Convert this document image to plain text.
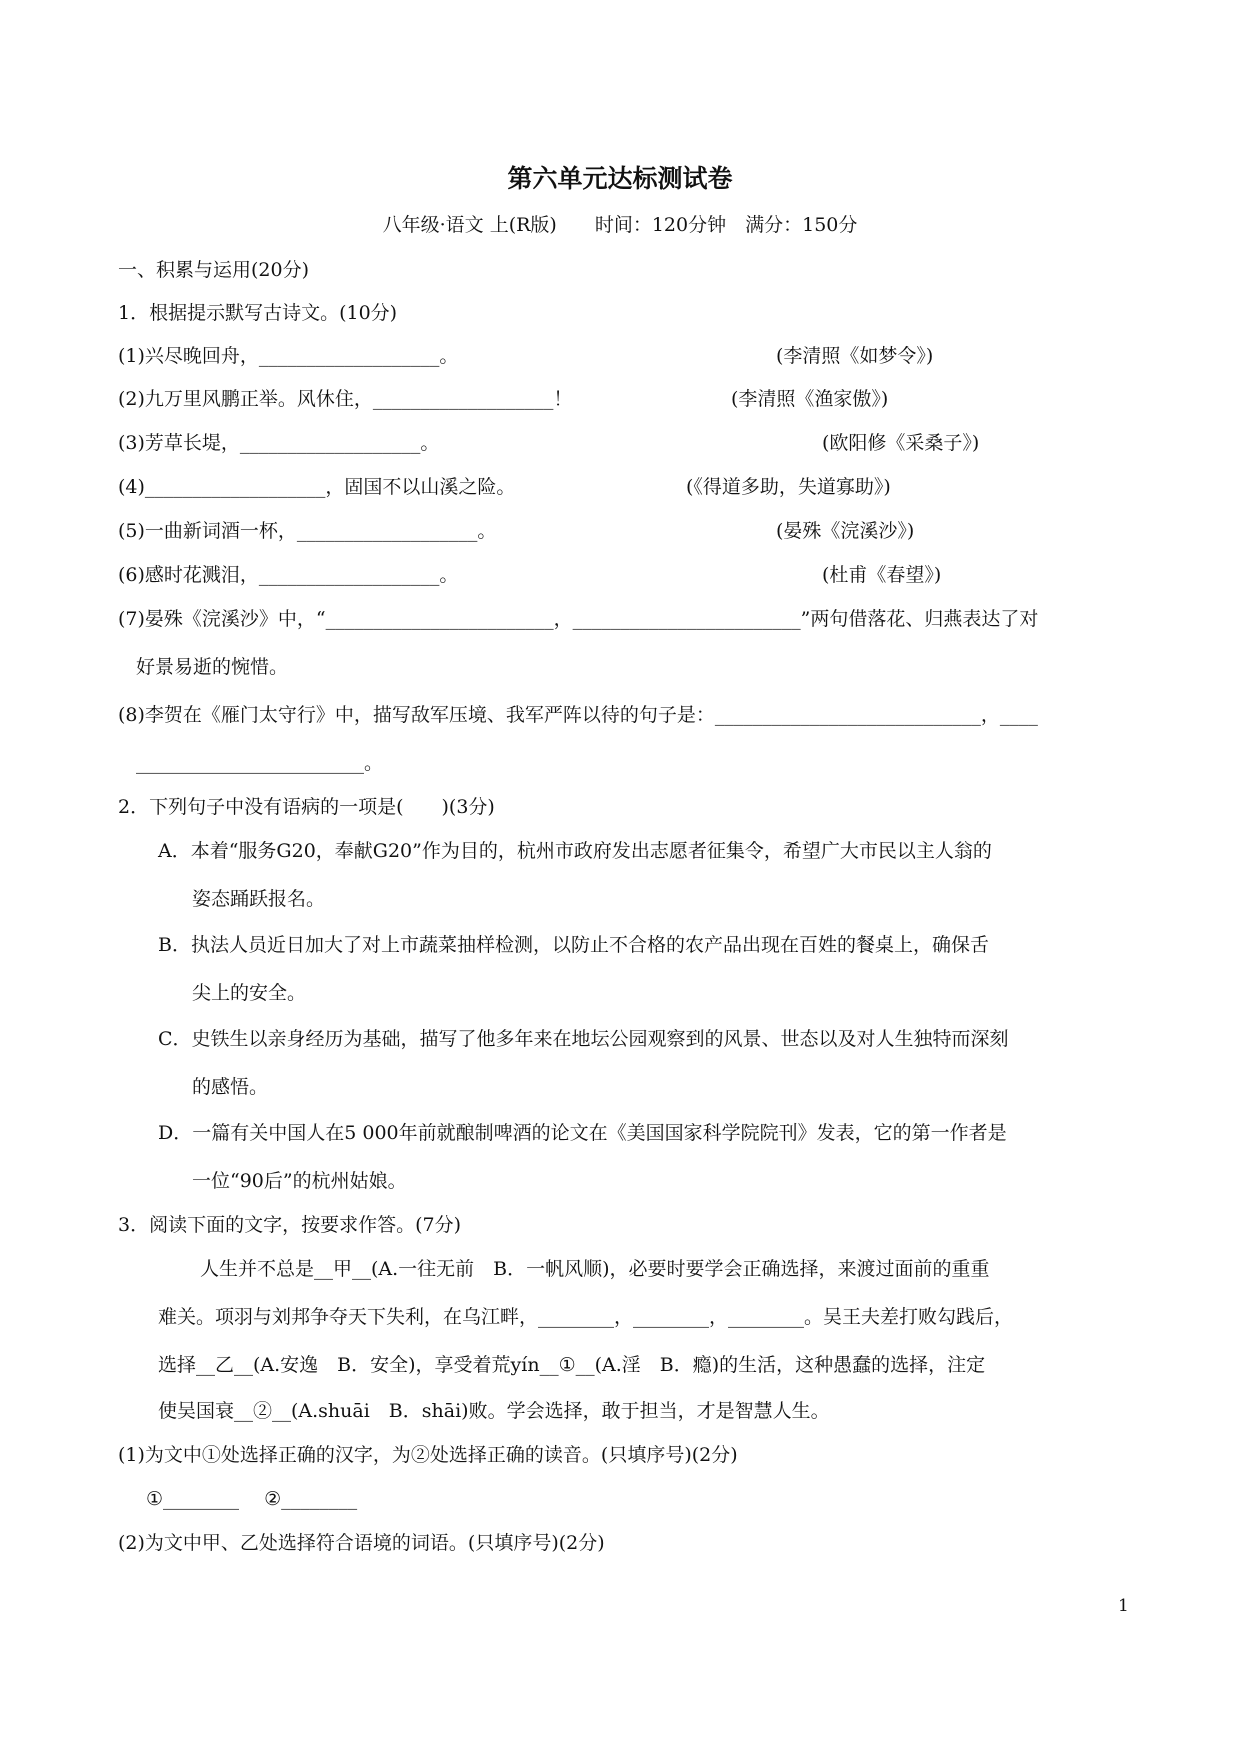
第六单元达标测试卷
八年级·语文 上(R版)　　时间：120分钟　满分：150分
一、积累与运用(20分)
1．根据提示默写古诗文。(10分)
(1)兴尽晚回舟，___________________。	(李清照《如梦令》)
(2)九万里风鹏正举。风休住，___________________！	(李清照《渔家傲》)
(3)芳草长堤，___________________。	(欧阳修《采桑子》)
(4)___________________，固国不以山溪之险。	(《得道多助，失道寡助》)
(5)一曲新词酒一杯，___________________。	(晏殊《浣溪沙》)
(6)感时花溅泪，___________________。	(杜甫《春望》)
(7)晏殊《浣溪沙》中，“________________________，________________________”两句借落花、归燕表达了对
好景易逝的惋惜。
(8)李贺在《雁门太守行》中，描写敌军压境、我军严阵以待的句子是：____________________________，____
________________________。
2．下列句子中没有语病的一项是(　　)(3分)
A．本着“服务G20，奉献G20”作为目的，杭州市政府发出志愿者征集令，希望广大市民以主人翁的
姿态踊跃报名。
B．执法人员近日加大了对上市蔬菜抽样检测，以防止不合格的农产品出现在百姓的餐桌上，确保舌
尖上的安全。
C．史铁生以亲身经历为基础，描写了他多年来在地坛公园观察到的风景、世态以及对人生独特而深刻
的感悟。
D．一篇有关中国人在5 000年前就酿制啤酒的论文在《美国国家科学院院刊》发表，它的第一作者是
一位“90后”的杭州姑娘。
3．阅读下面的文字，按要求作答。(7分)
人生并不总是__甲__(A.一往无前　B．一帆风顺)，必要时要学会正确选择，来渡过面前的重重
难关。项羽与刘邦争夺天下失利，在乌江畔，________，________，________。吴王夫差打败勾践后，
选择__乙__(A.安逸　B．安全)，享受着荒yín__①__(A.淫　B．瘾)的生活，这种愚蠢的选择，注定
使吴国衰__②__(A.shuāi　B．shāi)败。学会选择，敢于担当，才是智慧人生。
(1)为文中①处选择正确的汉字，为②处选择正确的读音。(只填序号)(2分)
①________　 ②________
(2)为文中甲、乙处选择符合语境的词语。(只填序号)(2分)
1
